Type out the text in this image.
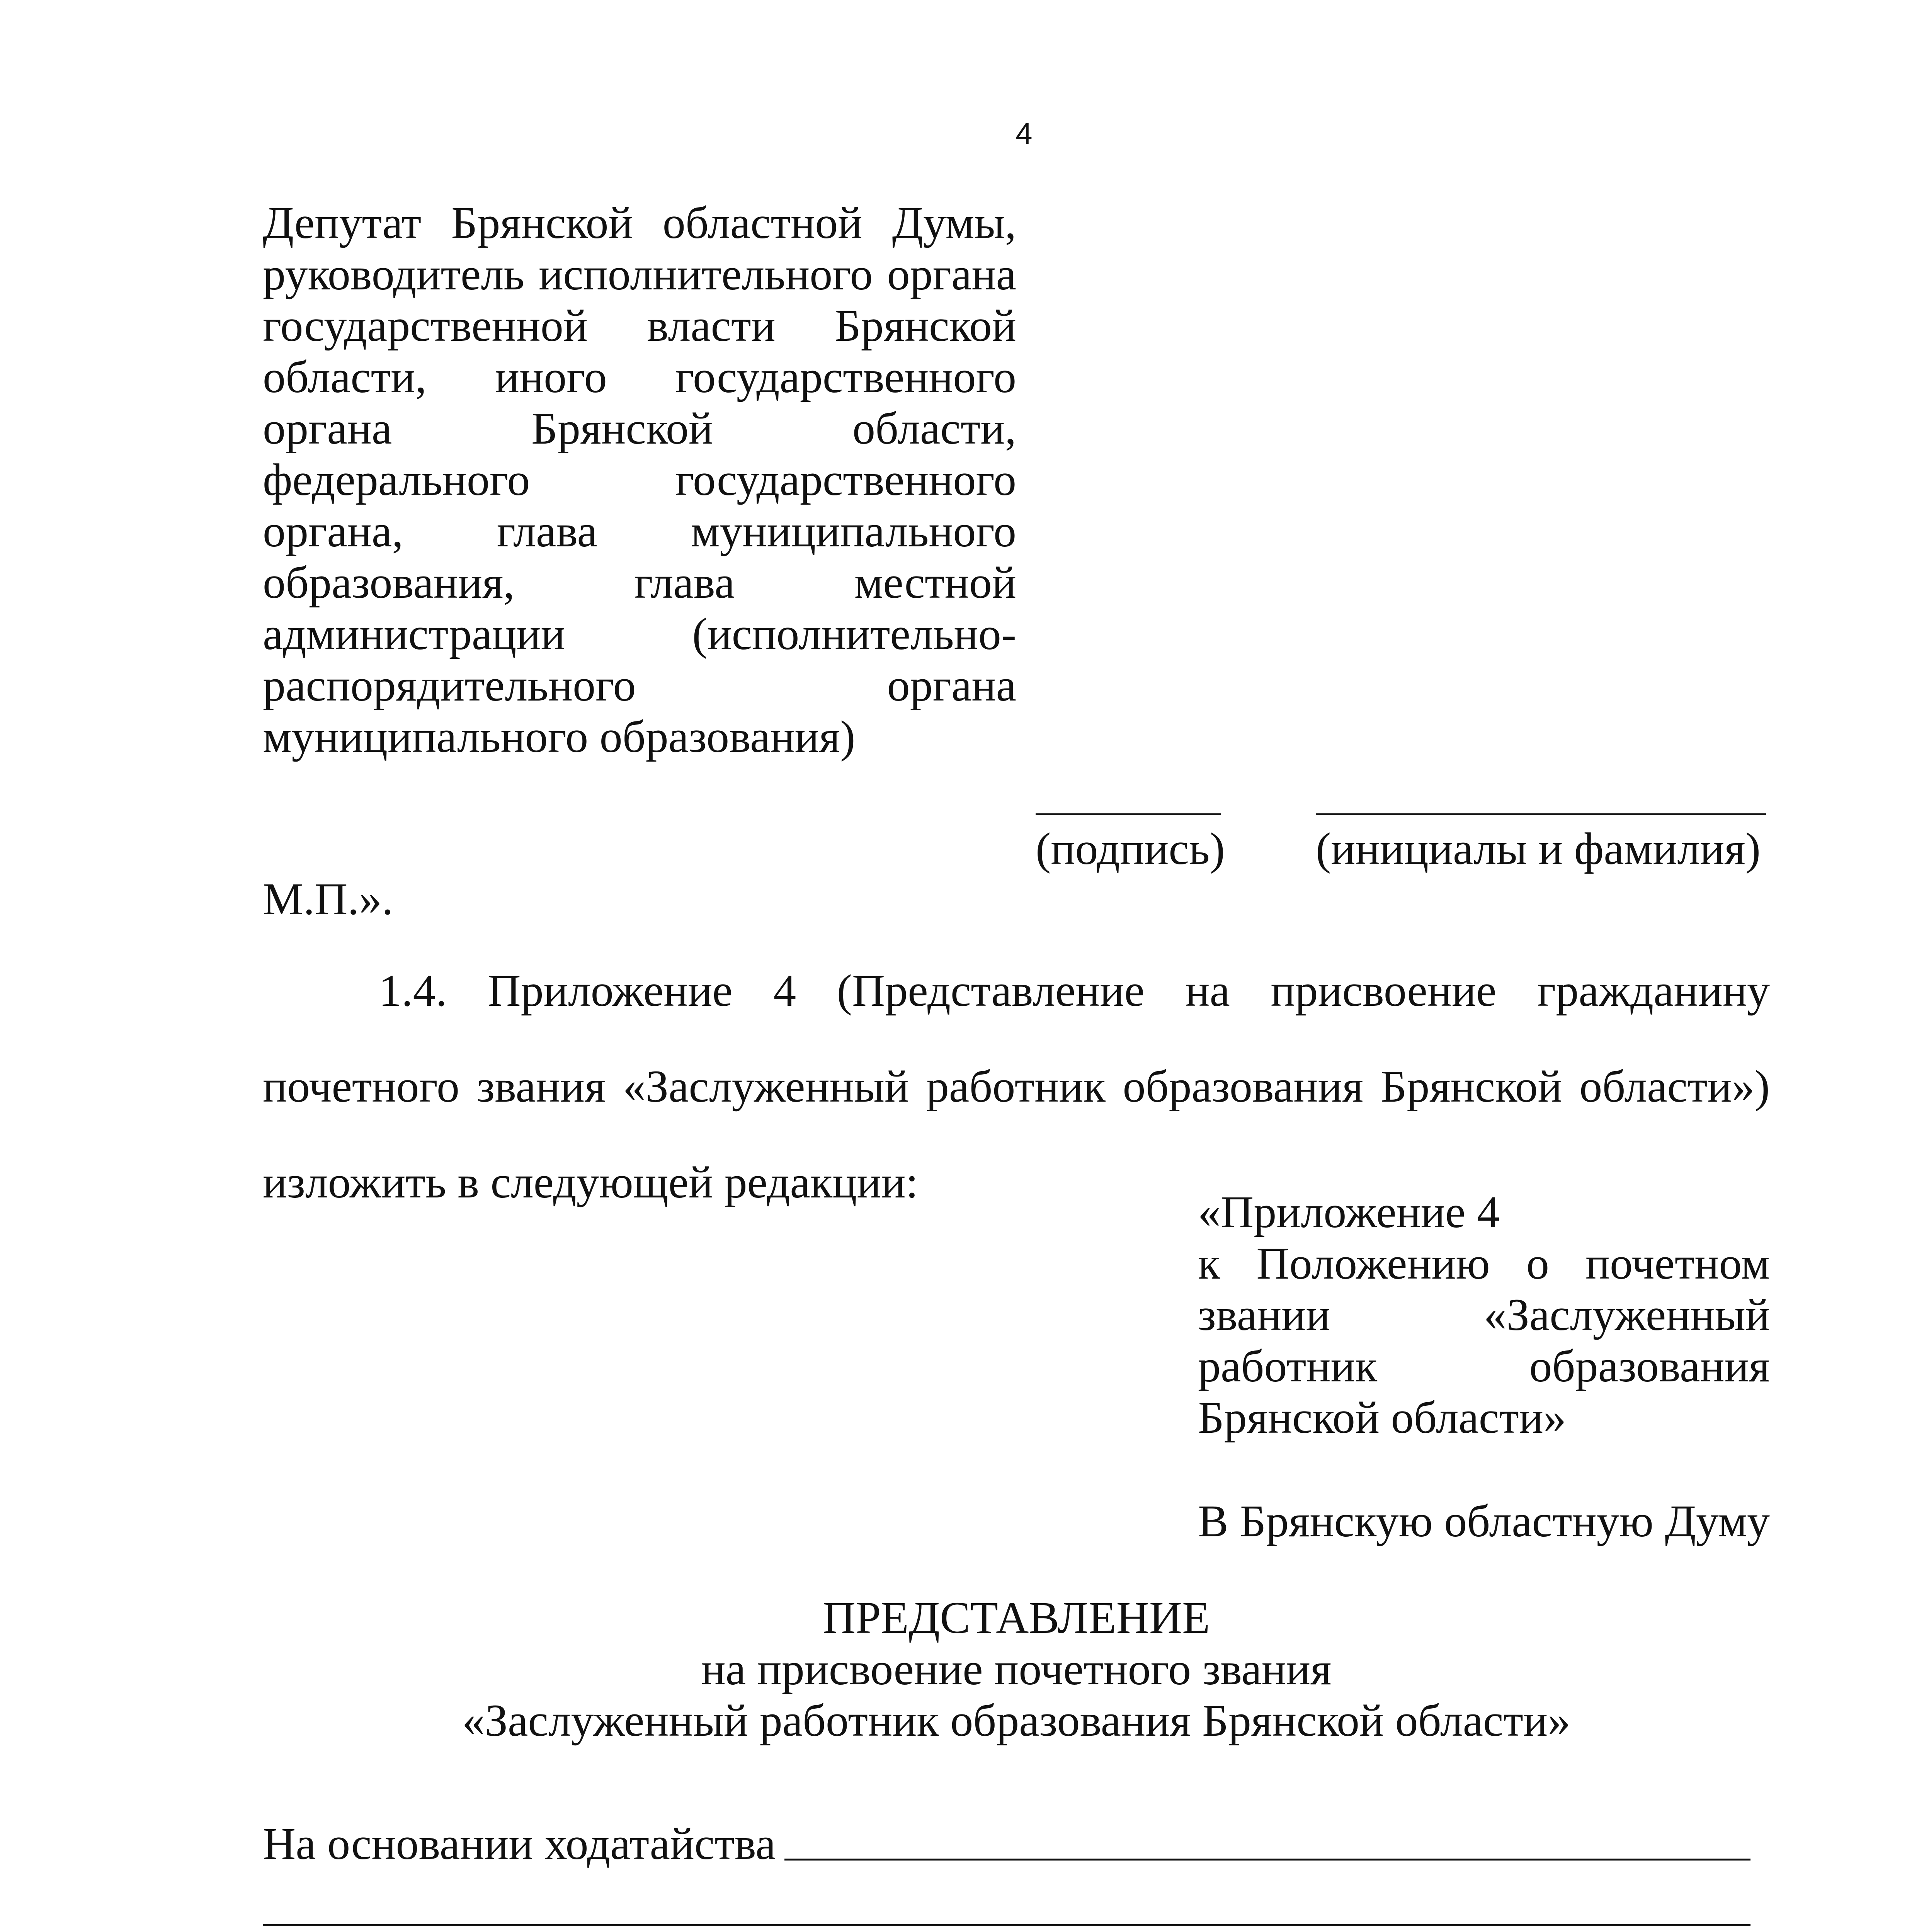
4
Депутат Брянской областной Думы,
руководитель исполнительного органа
государственной власти Брянской
области, иного государственного
органа Брянской области,
федерального государственного
органа, глава муниципального
образования, глава местной
администрации (исполнительно-
распорядительного органа
муниципального образования)
(подпись) (инициалы и фамилия)
М.П.».
1.4. Приложение 4 (Представление на присвоение гражданину почетного звания «Заслуженный работник образования Брянской области») изложить в следующей редакции:
«Приложение 4
к Положению о почетном
звании «Заслуженный
работник образования
Брянской области»
В Брянскую областную Думу
ПРЕДСТАВЛЕНИЕ
на присвоение почетного звания
«Заслуженный работник образования Брянской области»
На основании ходатайства
